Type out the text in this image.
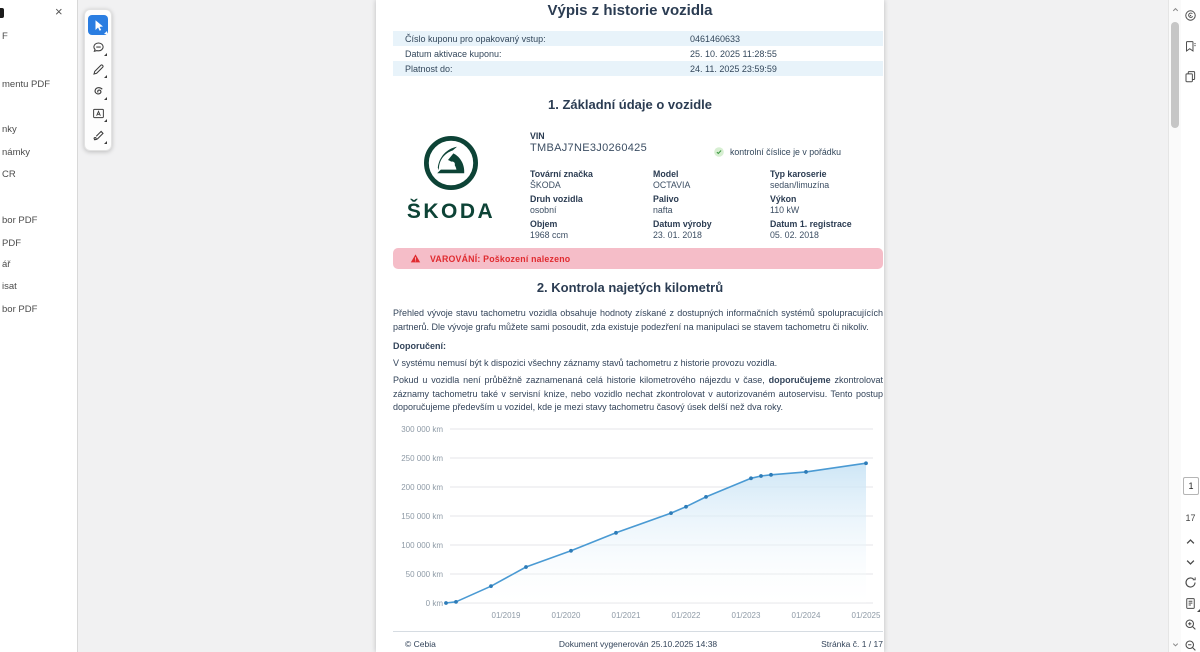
×
F
mentu PDF
nky
námky
CR
bor PDF
PDF
ář
isat
bor PDF
Výpis z historie vozidla
Číslo kuponu pro opakovaný vstup:	0461460633
Datum aktivace kuponu:	25. 10. 2025 11:28:55
Platnost do:	24. 11. 2025 23:59:59
1. Základní údaje o vozidle
ŠKODA
VIN
TMBAJ7NE3J0260425	kontrolní číslice je v pořádku
Tovární značka
ŠKODA
Model
OCTAVIA
Typ karoserie
sedan/limuzína
Druh vozidla
osobní
Palivo
nafta
Výkon
110 kW
Objem
1968 ccm
Datum výroby
23. 01. 2018
Datum 1. registrace
05. 02. 2018
VAROVÁNÍ: Poškození nalezeno
2. Kontrola najetých kilometrů
Přehled vývoje stavu tachometru vozidla obsahuje hodnoty získané z dostupných informačních systémů spolupracujících partnerů. Dle vývoje grafu můžete sami posoudit, zda existuje podezření na manipulaci se stavem tachometru či nikoliv.
Doporučení:
V systému nemusí být k dispozici všechny záznamy stavů tachometru z historie provozu vozidla.
Pokud u vozidla není průběžně zaznamenaná celá historie kilometrového nájezdu v čase, doporučujeme zkontrolovat záznamy tachometru také v servisní knize, nebo vozidlo nechat zkontrolovat v autorizovaném autoservisu. Tento postup doporučujeme především u vozidel, kde je mezi stavy tachometru časový úsek delší než dva roky.
0 km
50 000 km
100 000 km
150 000 km
200 000 km
250 000 km
300 000 km
01/2019	01/2020	01/2021	01/2022	01/2023	01/2024	01/2025
© Cebia	Dokument vygenerován 25.10.2025 14:38	Stránka č. 1 / 17
1
17
